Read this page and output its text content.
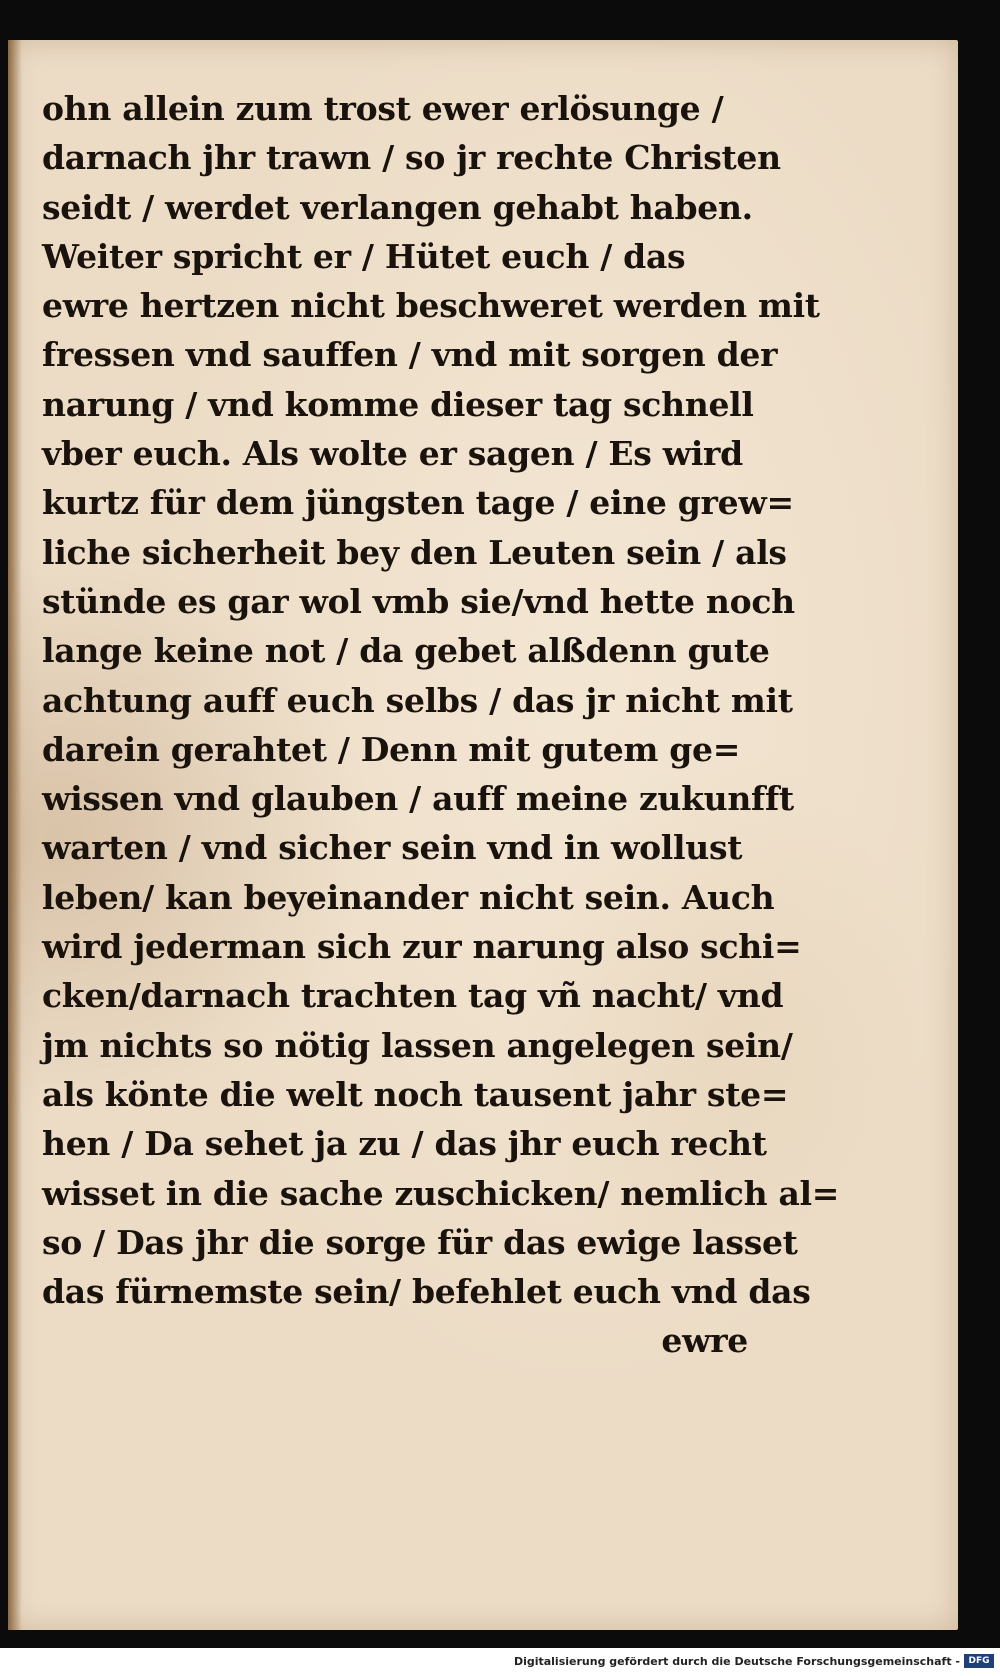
ohn allein zum trost ewer erlösunge /
darnach jhr trawn / so jr rechte Christen
seidt / werdet verlangen gehabt haben.
Weiter spricht er / Hütet euch / das
ewre hertzen nicht beschweret werden mit
fressen vnd sauffen / vnd mit sorgen der
narung / vnd komme dieser tag schnell
vber euch. Als wolte er sagen / Es wird
kurtz für dem jüngsten tage / eine grew=
liche sicherheit bey den Leuten sein / als
stünde es gar wol vmb sie/vnd hette noch
lange keine not / da gebet alßdenn gute
achtung auff euch selbs / das jr nicht mit
darein gerahtet / Denn mit gutem ge=
wissen vnd glauben / auff meine zukunfft
warten / vnd sicher sein vnd in wollust
leben/ kan beyeinander nicht sein. Auch
wird jederman sich zur narung also schi=
cken/darnach trachten tag vñ nacht/ vnd
jm nichts so nötig lassen angelegen sein/
als könte die welt noch tausent jahr ste=
hen / Da sehet ja zu / das jhr euch recht
wisset in die sache zuschicken/ nemlich al=
so / Das jhr die sorge für das ewige lasset
das fürnemste sein/ befehlet euch vnd das
ewre
Digitalisierung gefördert durch die Deutsche Forschungsgemeinschaft - DFG
